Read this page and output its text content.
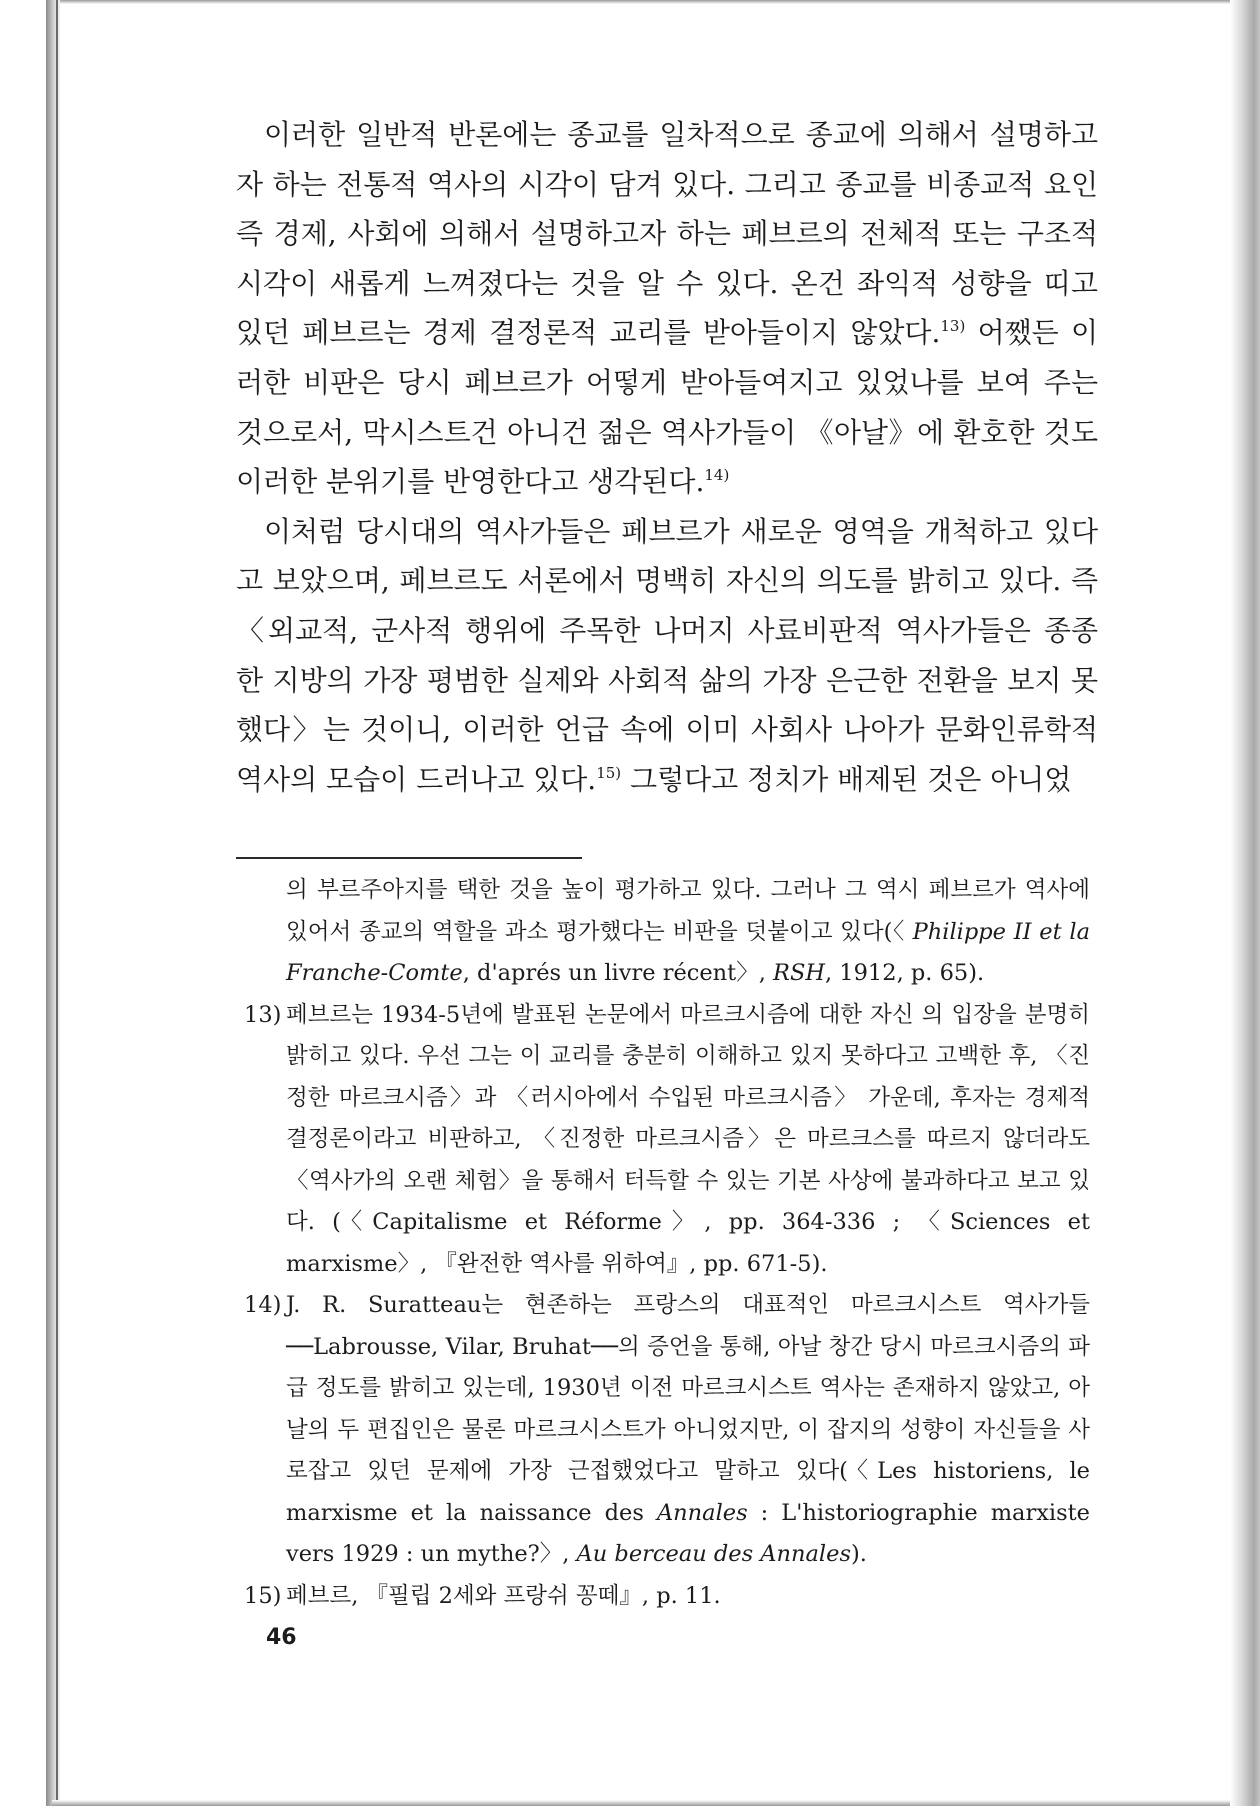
이러한 일반적 반론에는 종교를 일차적으로 종교에 의해서 설명하고자 하는 전통적 역사의 시각이 담겨 있다. 그리고 종교를 비종교적 요인 즉 경제, 사회에 의해서 설명하고자 하는 페브르의 전체적 또는 구조적 시각이 새롭게 느껴졌다는 것을 알 수 있다. 온건 좌익적 성향을 띠고 있던 페브르는 경제 결정론적 교리를 받아들이지 않았다.$^{13)}$ 어쨌든 이러한 비판은 당시 페브르가 어떻게 받아들여지고 있었나를 보여 주는 것으로서, 막시스트건 아니건 젊은 역사가들이 《아날》에 환호한 것도 이러한 분위기를 반영한다고 생각된다.$^{14)}$

이처럼 당시대의 역사가들은 페브르가 새로운 영역을 개척하고 있다고 보았으며, 페브르도 서론에서 명백히 자신의 의도를 밝히고 있다. 즉 〈외교적, 군사적 행위에 주목한 나머지 사료비판적 역사가들은 종종 한 지방의 가장 평범한 실제와 사회적 삶의 가장 은근한 전환을 보지 못했다〉는 것이니, 이러한 언급 속에 이미 사회사 나아가 문화인류학적 역사의 모습이 드러나고 있다.$^{15)}$ 그렇다고 정치가 배제된 것은 아니었

의 부르주아지를 택한 것을 높이 평가하고 있다. 그러나 그 역시 페브르가 역사에 있어서 종교의 역할을 과소 평가했다는 비판을 덧붙이고 있다(〈 Philippe II et la Franche-Comte, d'aprés un livre récent〉, RSH, 1912, p. 65).

13) 페브르는 1934-5년에 발표된 논문에서 마르크시즘에 대한 자신 의 입장을 분명히 밝히고 있다. 우선 그는 이 교리를 충분히 이해하고 있지 못하다고 고백한 후, 〈진정한 마르크시즘〉과 〈러시아에서 수입된 마르크시즘〉 가운데, 후자는 경제적 결정론이라고 비판하고, 〈진정한 마르크시즘〉은 마르크스를 따르지 않더라도 〈역사가의 오랜 체험〉을 통해서 터득할 수 있는 기본 사상에 불과하다고 보고 있다. (〈Capitalisme et Réforme〉, pp. 364-336 ; 〈Sciences et marxisme〉, 『완전한 역사를 위하여』, pp. 671-5).

14) J. R. Suratteau는 현존하는 프랑스의 대표적인 마르크시스트 역사가들──Labrousse, Vilar, Bruhat──의 증언을 통해, 아날 창간 당시 마르크시즘의 파급 정도를 밝히고 있는데, 1930년 이전 마르크시스트 역사는 존재하지 않았고, 아날의 두 편집인은 물론 마르크시스트가 아니었지만, 이 잡지의 성향이 자신들을 사로잡고 있던 문제에 가장 근접했었다고 말하고 있다(〈Les historiens, le marxisme et la naissance des Annales : L'historiographie marxiste vers 1929 : un mythe?〉, Au berceau des Annales).

15) 페브르, 『필립 2세와 프랑쉬 꽁떼』, p. 11.

46
